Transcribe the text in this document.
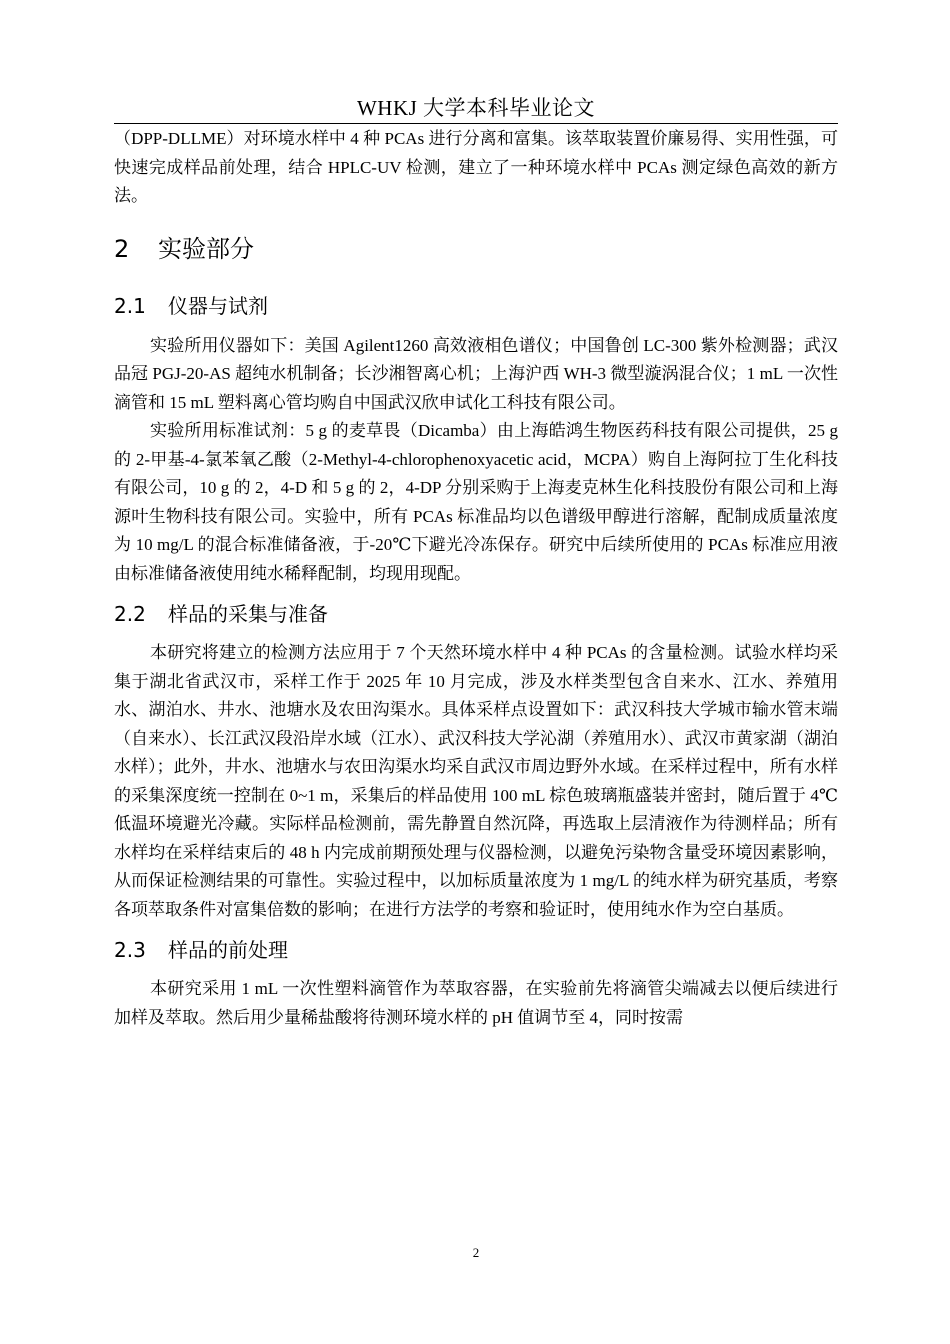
WHKJ 大学本科毕业论文

（DPP-DLLME）对环境水样中 4 种 PCAs 进行分离和富集。该萃取装置价廉易得、实用性强，可快速完成样品前处理，结合 HPLC-UV 检测，建立了一种环境水样中 PCAs 测定绿色高效的新方法。

2 实验部分
2.1 仪器与试剂

实验所用仪器如下：美国 Agilent1260 高效液相色谱仪；中国鲁创 LC-300 紫外检测器；武汉品冠 PGJ-20-AS 超纯水机制备；长沙湘智离心机；上海沪西 WH-3 微型漩涡混合仪；1 mL 一次性滴管和 15 mL 塑料离心管均购自中国武汉欣申试化工科技有限公司。

实验所用标准试剂：5 g 的麦草畏（Dicamba）由上海皓鸿生物医药科技有限公司提供，25 g 的 2-甲基-4-氯苯氧乙酸（2-Methyl-4-chlorophenoxyacetic acid，MCPA）购自上海阿拉丁生化科技有限公司，10 g 的 2，4-D 和 5 g 的 2，4-DP 分别采购于上海麦克林生化科技股份有限公司和上海源叶生物科技有限公司。实验中，所有 PCAs 标准品均以色谱级甲醇进行溶解，配制成质量浓度为 10 mg/L 的混合标准储备液，于-20℃下避光冷冻保存。研究中后续所使用的 PCAs 标准应用液由标准储备液使用纯水稀释配制，均现用现配。

2.2 样品的采集与准备

本研究将建立的检测方法应用于 7 个天然环境水样中 4 种 PCAs 的含量检测。试验水样均采集于湖北省武汉市，采样工作于 2025 年 10 月完成，涉及水样类型包含自来水、江水、养殖用水、湖泊水、井水、池塘水及农田沟渠水。具体采样点设置如下：武汉科技大学城市输水管末端（自来水）、长江武汉段沿岸水域（江水）、武汉科技大学沁湖（养殖用水）、武汉市黄家湖（湖泊水样）；此外，井水、池塘水与农田沟渠水均采自武汉市周边野外水域。在采样过程中，所有水样的采集深度统一控制在 0~1 m，采集后的样品使用 100 mL 棕色玻璃瓶盛装并密封，随后置于 4℃低温环境避光冷藏。实际样品检测前，需先静置自然沉降，再选取上层清液作为待测样品；所有水样均在采样结束后的 48 h 内完成前期预处理与仪器检测，以避免污染物含量受环境因素影响，从而保证检测结果的可靠性。实验过程中，以加标质量浓度为 1 mg/L 的纯水样为研究基质，考察各项萃取条件对富集倍数的影响；在进行方法学的考察和验证时，使用纯水作为空白基质。

2.3 样品的前处理

本研究采用 1 mL 一次性塑料滴管作为萃取容器，在实验前先将滴管尖端减去以便后续进行加样及萃取。然后用少量稀盐酸将待测环境水样的 pH 值调节至 4，同时按需

2
